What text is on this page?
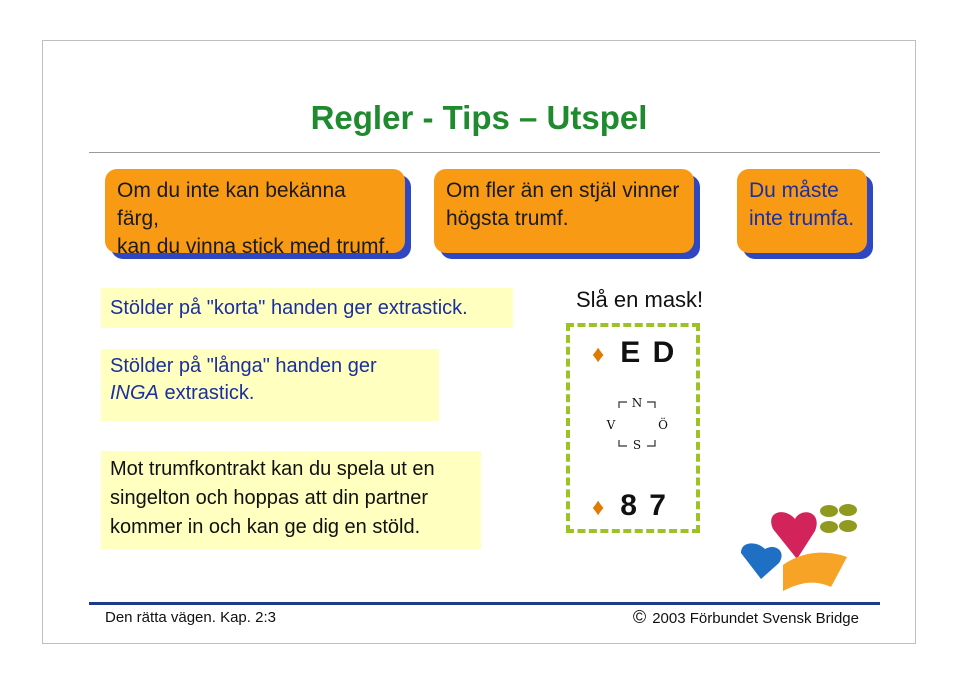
Regler - Tips – Utspel
Om du inte kan bekänna färg,
kan du vinna stick med trumf.
Om fler än en stjäl vinner
högsta trumf.
Du måste
inte trumfa.
Stölder på "korta" handen ger extrastick.
Stölder på "långa" handen ger
INGA extrastick.
Mot trumfkontrakt kan du spela ut en
singelton och hoppas att din partner
kommer in och kan ge dig en stöld.
Slå en mask!
♦ E D
N
S
V	Ö
♦ 8 7
Den rätta vägen. Kap. 2:3	© 2003 Förbundet Svensk Bridge
